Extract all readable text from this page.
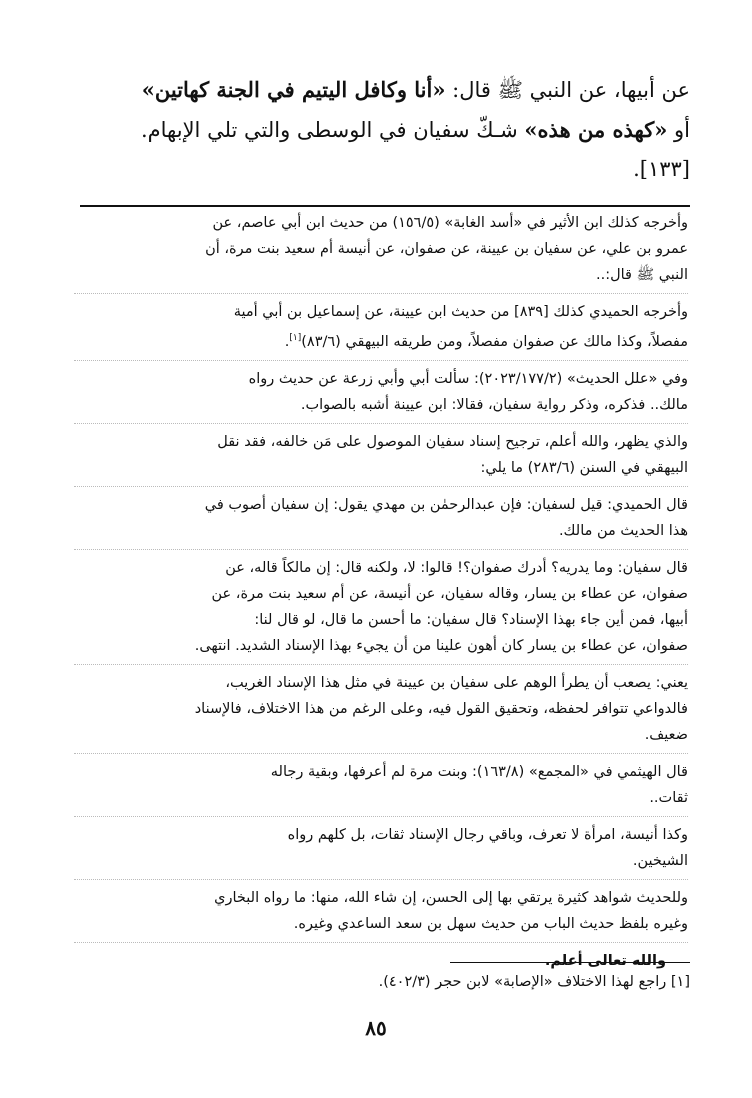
عن أبيها، عن النبي ﷺ قال: «أنا وكافل اليتيم في الجنة كهاتين»
أو «كهذه من هذه» شـكّ سفيان في الوسطى والتي تلي الإبهام.
[١٣٣].
وأخرجه كذلك ابن الأثير في «أسد الغابة» (١٥٦/٥) من حديث ابن أبي عاصم، عن
عمرو بن علي، عن سفيان بن عيينة، عن صفوان، عن أنيسة أم سعيد بنت مرة، أن
النبي ﷺ قال:..
وأخرجه الحميدي كذلك [٨٣٩] من حديث ابن عيينة، عن إسماعيل بن أبي أمية
مفصلاً، وكذا مالك عن صفوان مفصلاً، ومن طريقه البيهقي (٨٣/٦)[١].
وفي «علل الحديث» (٢٠٢٣/١٧٧/٢): سألت أبي وأبي زرعة عن حديث رواه
مالك.. فذكره، وذكر رواية سفيان، فقالا: ابن عيينة أشبه بالصواب.
والذي يظهر، والله أعلم، ترجيح إسناد سفيان الموصول على مَن خالفه، فقد نقل
البيهقي في السنن (٢٨٣/٦) ما يلي:
قال الحميدي: قيل لسفيان: فإن عبدالرحمٰن بن مهدي يقول: إن سفيان أصوب في
هذا الحديث من مالك.
قال سفيان: وما يدريه؟ أدرك صفوان؟! قالوا: لا، ولكنه قال: إن مالكاً قاله، عن
صفوان، عن عطاء بن يسار، وقاله سفيان، عن أنيسة، عن أم سعيد بنت مرة، عن
أبيها، فمن أين جاء بهذا الإسناد؟ قال سفيان: ما أحسن ما قال، لو قال لنا:
صفوان، عن عطاء بن يسار كان أهون علينا من أن يجيء بهذا الإسناد الشديد. انتهى.
يعني: يصعب أن يطرأ الوهم على سفيان بن عيينة في مثل هذا الإسناد الغريب،
فالدواعي تتوافر لحفظه، وتحقيق القول فيه، وعلى الرغم من هذا الاختلاف، فالإسناد
ضعيف.
قال الهيثمي في «المجمع» (١٦٣/٨): وبنت مرة لم أعرفها، وبقية رجاله
ثقات..
وكذا أنيسة، امرأة لا تعرف، وباقي رجال الإسناد ثقات، بل كلهم رواه
الشيخين.
وللحديث شواهد كثيرة يرتقي بها إلى الحسن، إن شاء الله، منها: ما رواه البخاري
وغيره بلفظ حديث الباب من حديث سهل بن سعد الساعدي وغيره.
والله تعالى أعلم.
[١] راجع لهذا الاختلاف «الإصابة» لابن حجر (٤٠٢/٣).
٨٥
